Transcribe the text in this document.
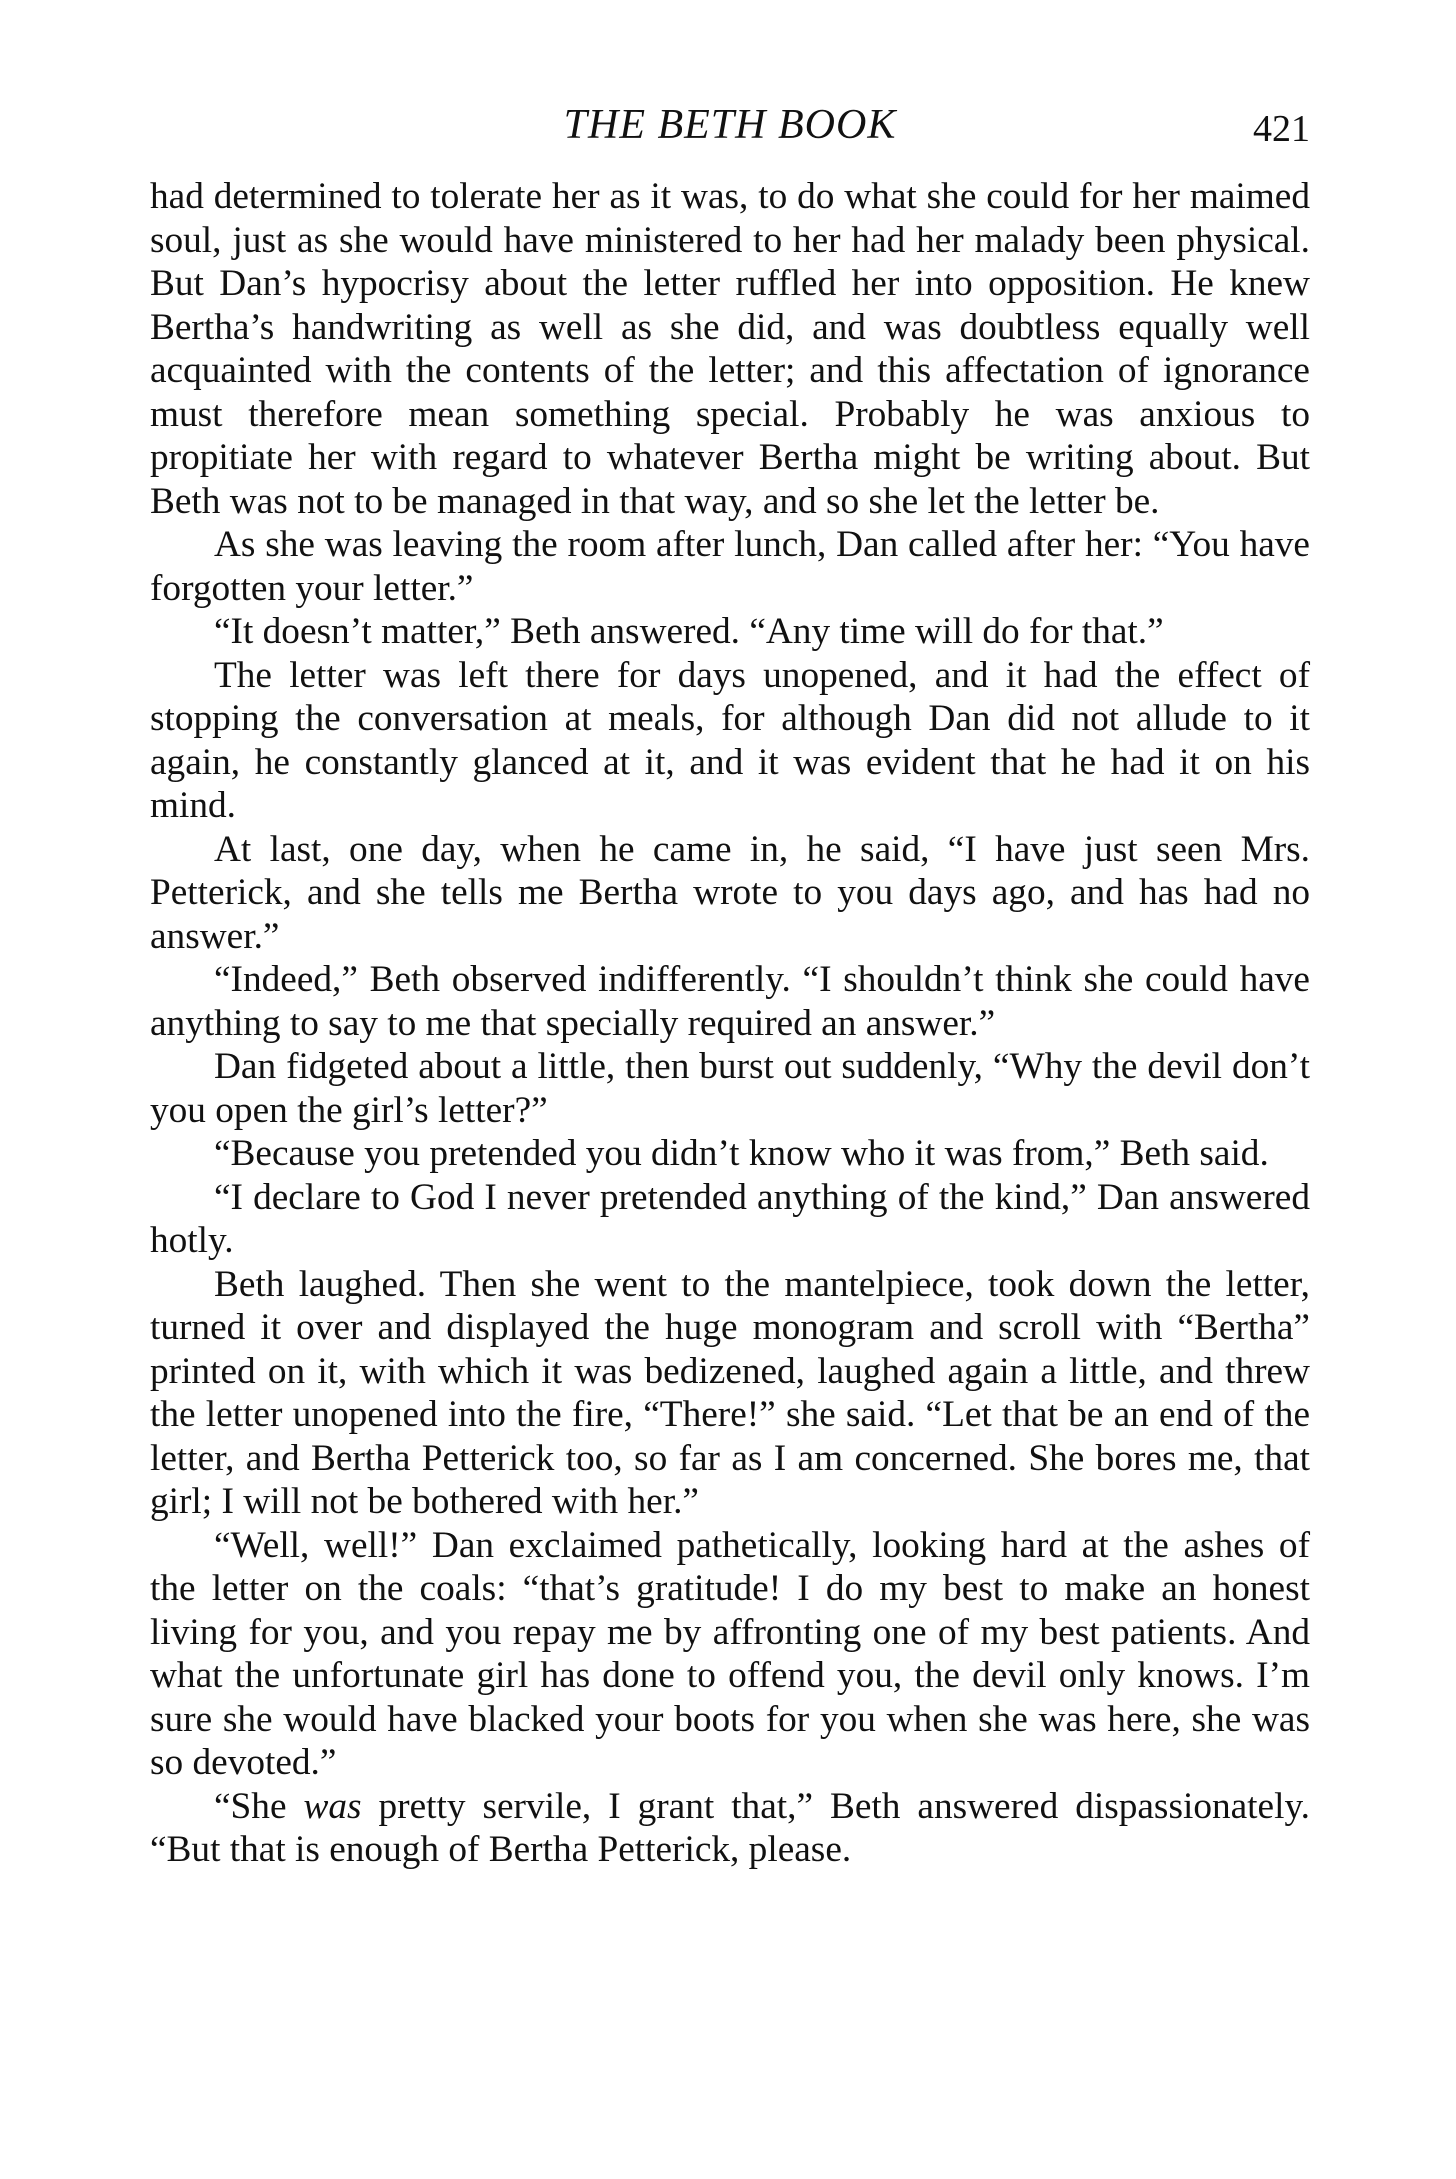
THE BETH BOOK	421

had determined to tolerate her as it was, to do what she could for her maimed soul, just as she would have ministered to her had her malady been physical. But Dan’s hypocrisy about the letter ruffled her into opposition. He knew Bertha’s handwriting as well as she did, and was doubtless equally well acquainted with the contents of the letter; and this affectation of ignorance must therefore mean something special. Probably he was anxious to propitiate her with regard to whatever Bertha might be writing about. But Beth was not to be managed in that way, and so she let the letter be.

As she was leaving the room after lunch, Dan called after her: “You have forgotten your letter.”

“It doesn’t matter,” Beth answered. “Any time will do for that.”

The letter was left there for days unopened, and it had the effect of stopping the conversation at meals, for although Dan did not allude to it again, he constantly glanced at it, and it was evident that he had it on his mind.

At last, one day, when he came in, he said, “I have just seen Mrs. Petterick, and she tells me Bertha wrote to you days ago, and has had no answer.”

“Indeed,” Beth observed indifferently. “I shouldn’t think she could have anything to say to me that specially required an answer.”

Dan fidgeted about a little, then burst out suddenly, “Why the devil don’t you open the girl’s letter?”

“Because you pretended you didn’t know who it was from,” Beth said.

“I declare to God I never pretended anything of the kind,” Dan answered hotly.

Beth laughed. Then she went to the mantelpiece, took down the letter, turned it over and displayed the huge monogram and scroll with “Bertha” printed on it, with which it was bedizened, laughed again a little, and threw the letter unopened into the fire, “There!” she said. “Let that be an end of the letter, and Bertha Petterick too, so far as I am concerned. She bores me, that girl; I will not be bothered with her.”

“Well, well!” Dan exclaimed pathetically, looking hard at the ashes of the letter on the coals: “that’s gratitude! I do my best to make an honest living for you, and you repay me by affronting one of my best patients. And what the unfortunate girl has done to offend you, the devil only knows. I’m sure she would have blacked your boots for you when she was here, she was so devoted.”

“She was pretty servile, I grant that,” Beth answered dispassionately. “But that is enough of Bertha Petterick, please.
